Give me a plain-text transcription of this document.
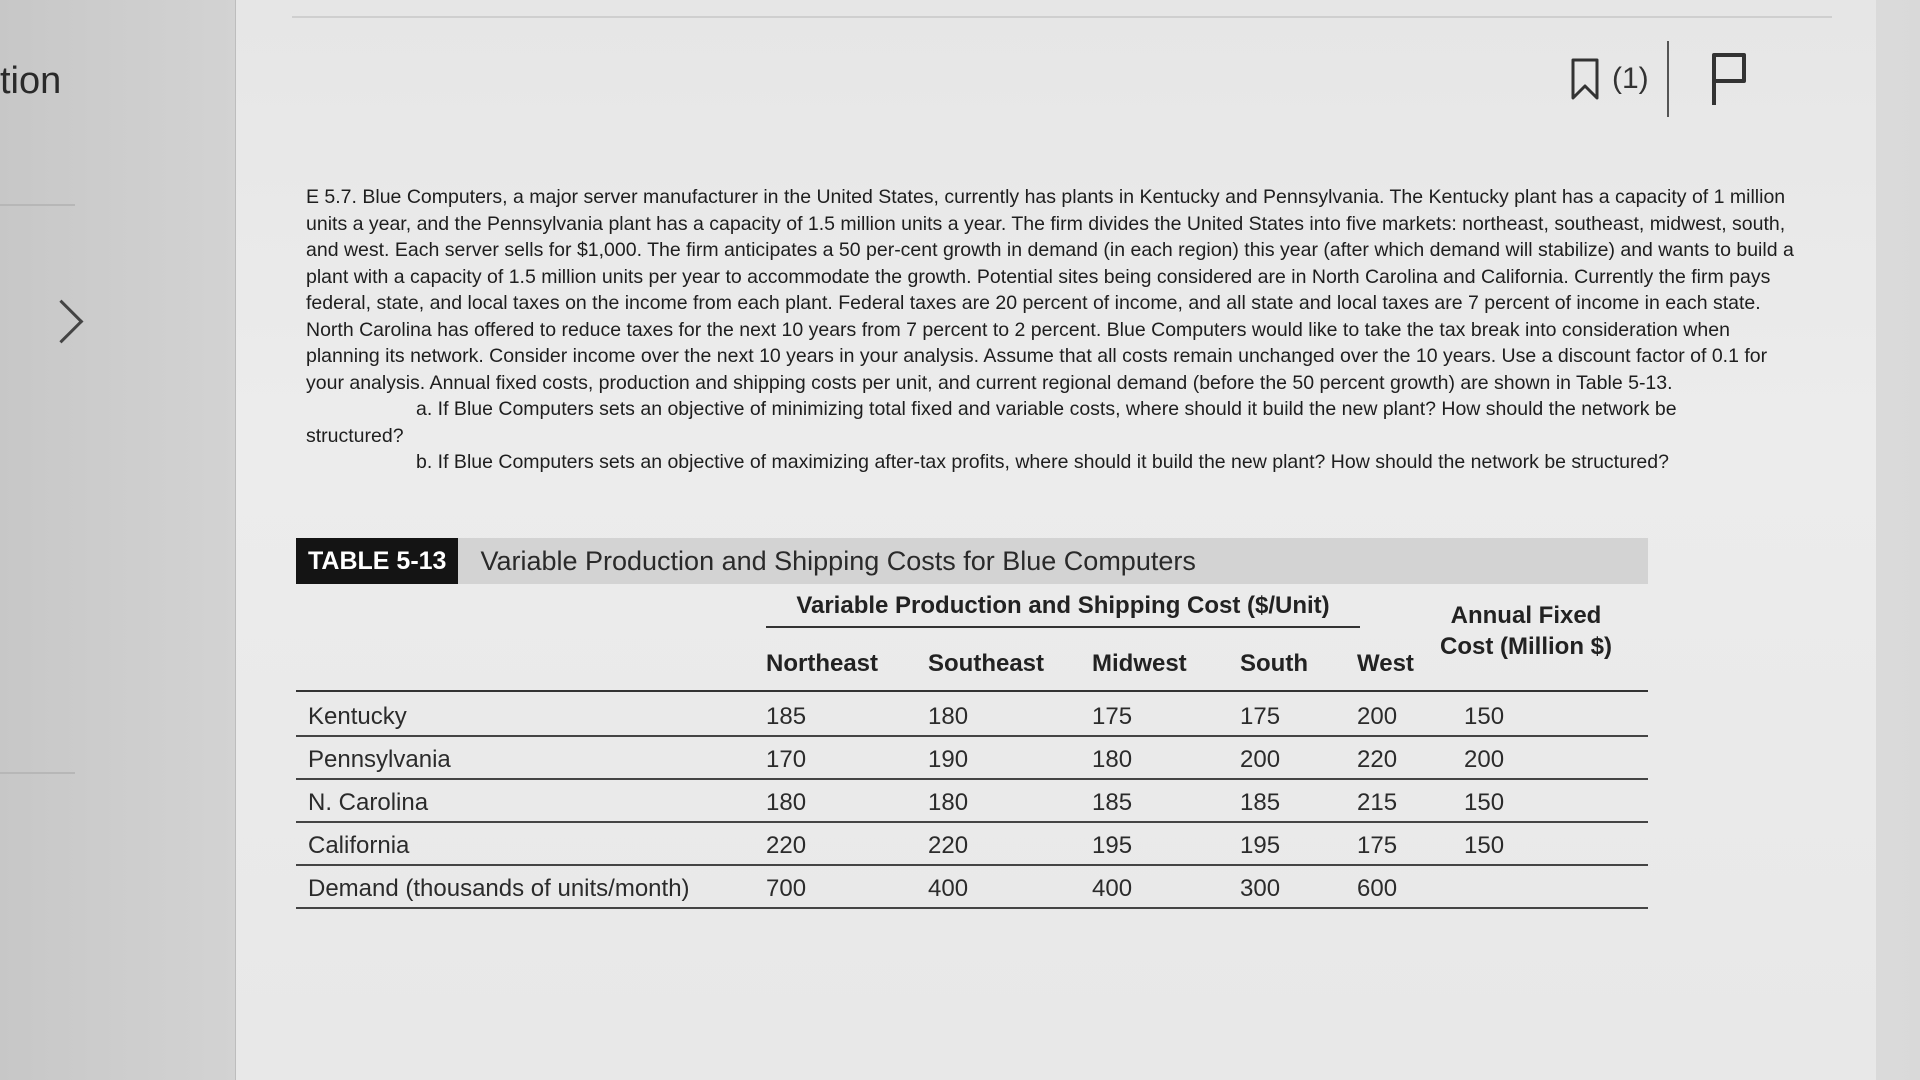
tion	(1)

E 5.7. Blue Computers, a major server manufacturer in the United States, currently has plants in Kentucky and Pennsylvania. The Kentucky plant has a capacity of 1 million units a year, and the Pennsylvania plant has a capacity of 1.5 million units a year. The firm divides the United States into five markets: northeast, southeast, midwest, south, and west. Each server sells for $1,000. The firm anticipates a 50 per-cent growth in demand (in each region) this year (after which demand will stabilize) and wants to build a plant with a capacity of 1.5 million units per year to accommodate the growth. Potential sites being considered are in North Carolina and California. Currently the firm pays federal, state, and local taxes on the income from each plant. Federal taxes are 20 percent of income, and all state and local taxes are 7 percent of income in each state. North Carolina has offered to reduce taxes for the next 10 years from 7 percent to 2 percent. Blue Computers would like to take the tax break into consideration when planning its network. Consider income over the next 10 years in your analysis. Assume that all costs remain unchanged over the 10 years. Use a discount factor of 0.1 for your analysis. Annual fixed costs, production and shipping costs per unit, and current regional demand (before the 50 percent growth) are shown in Table 5-13.

a. If Blue Computers sets an objective of minimizing total fixed and variable costs, where should it build the new plant? How should the network be

structured?

b. If Blue Computers sets an objective of maximizing after-tax profits, where should it build the new plant? How should the network be structured?

TABLE 5-13	Variable Production and Shipping Costs for Blue Computers
Variable Production and Shipping Cost ($/Unit)	Annual Fixed
Cost (Million $)
Northeast Southeast Midwest South West
Kentucky	185	180	175	175	200	150
Pennsylvania	170	190	180	200	220	200
N. Carolina	180	180	185	185	215	150
California	220	220	195	195	175	150
Demand (thousands of units/month)	700	400	400	300	600
